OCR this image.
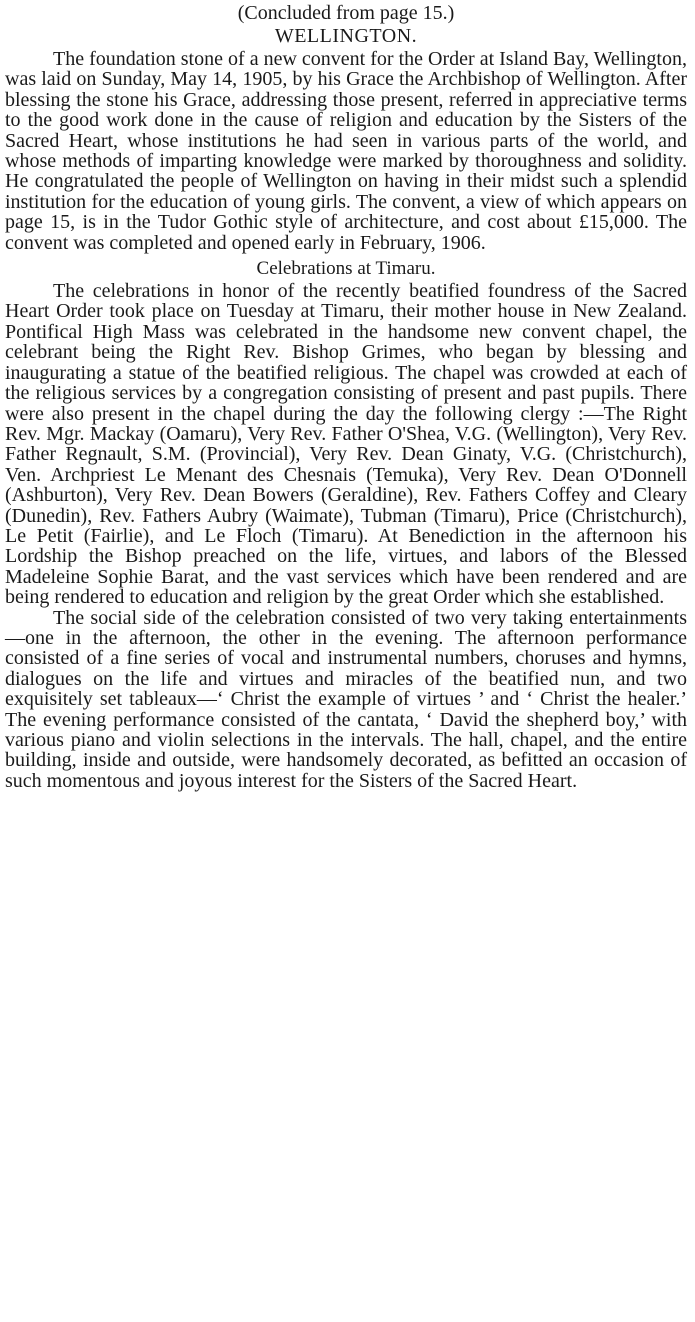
(Concluded from page 15.)
WELLINGTON.

The foundation stone of a new convent for the Order at Island Bay, Wellington, was laid on Sunday, May 14, 1905, by his Grace the Archbishop of Wellington. After blessing the stone his Grace, addressing those present, referred in appreciative terms to the good work done in the cause of religion and education by the Sisters of the Sacred Heart, whose institutions he had seen in various parts of the world, and whose methods of imparting knowledge were marked by thoroughness and solidity. He congratulated the people of Wellington on having in their midst such a splendid institution for the education of young girls. The convent, a view of which appears on page 15, is in the Tudor Gothic style of architecture, and cost about £15,000. The convent was completed and opened early in February, 1906.

Celebrations at Timaru.

The celebrations in honor of the recently beatified foundress of the Sacred Heart Order took place on Tuesday at Timaru, their mother house in New Zealand. Pontifical High Mass was celebrated in the handsome new convent chapel, the celebrant being the Right Rev. Bishop Grimes, who began by blessing and inaugurating a statue of the beatified religious. The chapel was crowded at each of the religious services by a congregation consisting of present and past pupils. There were also present in the chapel during the day the following clergy :—The Right Rev. Mgr. Mackay (Oamaru), Very Rev. Father O'Shea, V.G. (Wellington), Very Rev. Father Regnault, S.M. (Provincial), Very Rev. Dean Ginaty, V.G. (Christchurch), Ven. Archpriest Le Menant des Chesnais (Temuka), Very Rev. Dean O'Donnell (Ashburton), Very Rev. Dean Bowers (Geraldine), Rev. Fathers Coffey and Cleary (Dunedin), Rev. Fathers Aubry (Waimate), Tubman (Timaru), Price (Christchurch), Le Petit (Fairlie), and Le Floch (Timaru). At Benediction in the afternoon his Lordship the Bishop preached on the life, virtues, and labors of the Blessed Madeleine Sophie Barat, and the vast services which have been rendered and are being rendered to education and religion by the great Order which she established.

The social side of the celebration consisted of two very taking entertainments—one in the afternoon, the other in the evening. The afternoon performance consisted of a fine series of vocal and instrumental numbers, choruses and hymns, dialogues on the life and virtues and miracles of the beatified nun, and two exquisitely set tableaux—‘ Christ the example of virtues ’ and ‘ Christ the healer.’ The evening performance consisted of the cantata, ‘ David the shepherd boy,’ with various piano and violin selections in the intervals. The hall, chapel, and the entire building, inside and outside, were handsomely decorated, as befitted an occasion of such momentous and joyous interest for the Sisters of the Sacred Heart.
